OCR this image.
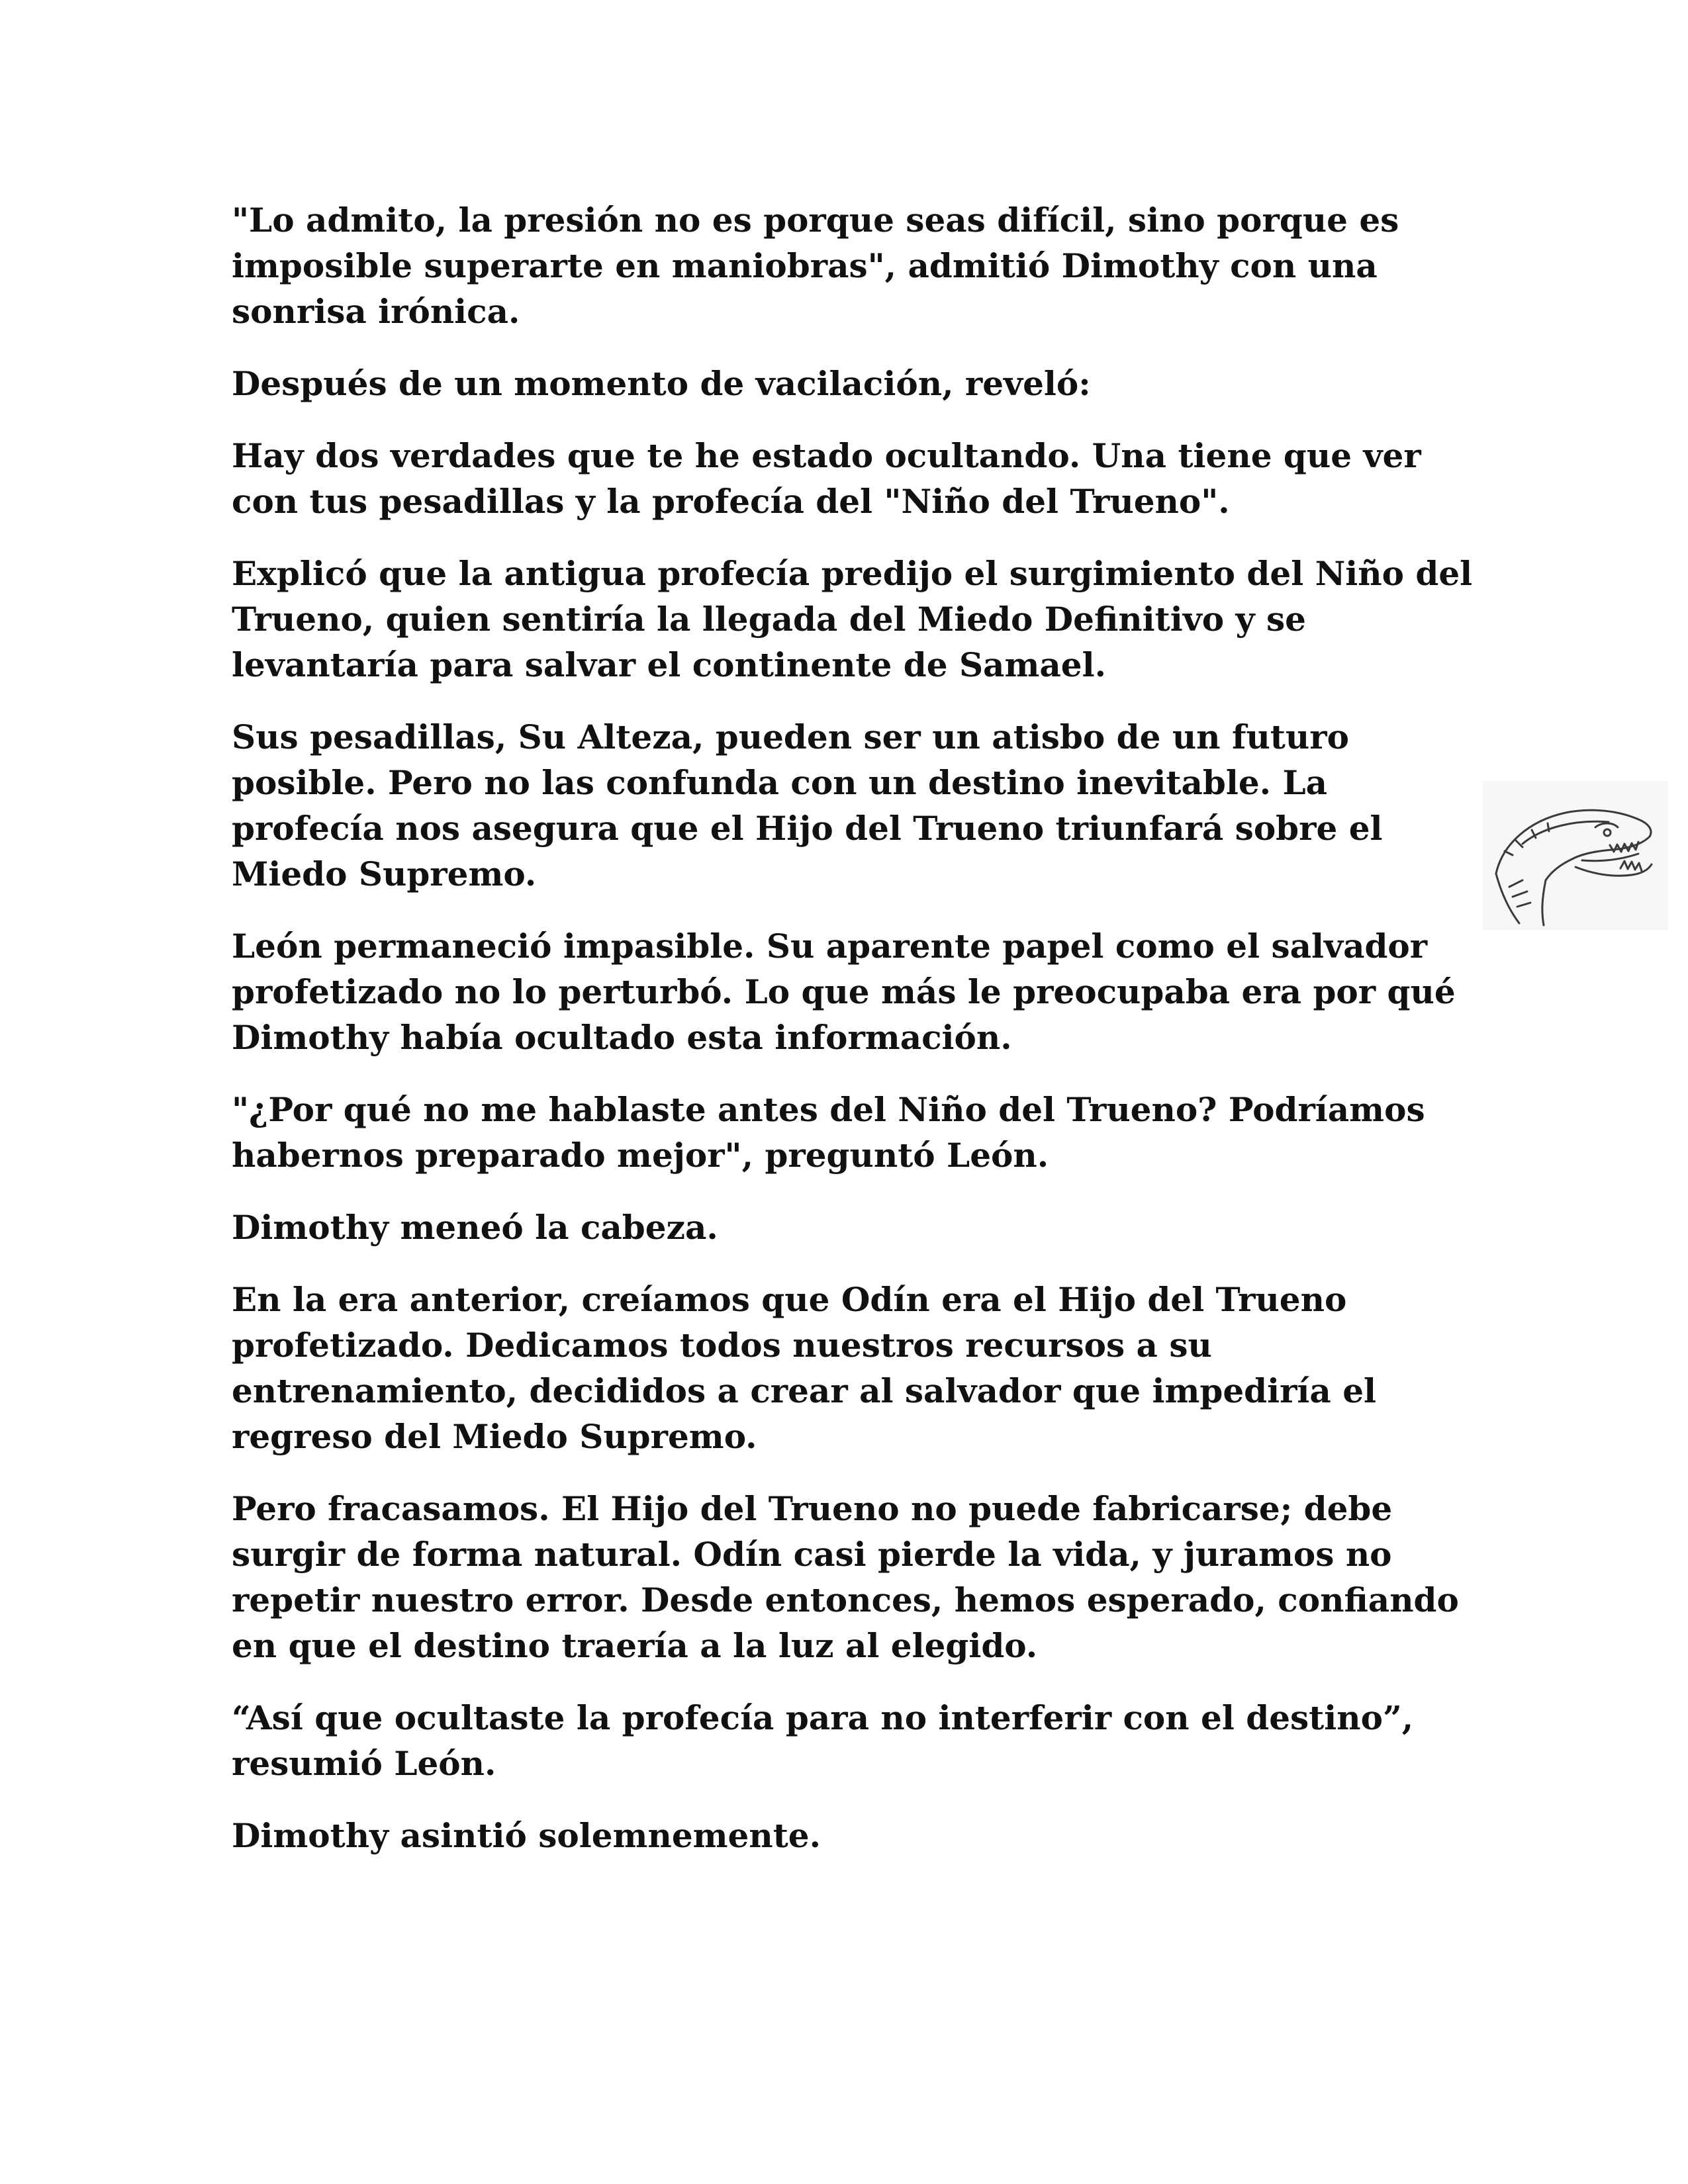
"Lo admito, la presión no es porque seas difícil, sino porque es imposible superarte en maniobras", admitió Dimothy con una sonrisa irónica.

Después de un momento de vacilación, reveló:

Hay dos verdades que te he estado ocultando. Una tiene que ver con tus pesadillas y la profecía del "Niño del Trueno".

Explicó que la antigua profecía predijo el surgimiento del Niño del Trueno, quien sentiría la llegada del Miedo Definitivo y se levantaría para salvar el continente de Samael.

Sus pesadillas, Su Alteza, pueden ser un atisbo de un futuro posible. Pero no las confunda con un destino inevitable. La profecía nos asegura que el Hijo del Trueno triunfará sobre el Miedo Supremo.

León permaneció impasible. Su aparente papel como el salvador profetizado no lo perturbó. Lo que más le preocupaba era por qué Dimothy había ocultado esta información.

"¿Por qué no me hablaste antes del Niño del Trueno? Podríamos habernos preparado mejor", preguntó León.

Dimothy meneó la cabeza.

En la era anterior, creíamos que Odín era el Hijo del Trueno profetizado. Dedicamos todos nuestros recursos a su entrenamiento, decididos a crear al salvador que impediría el regreso del Miedo Supremo.

Pero fracasamos. El Hijo del Trueno no puede fabricarse; debe surgir de forma natural. Odín casi pierde la vida, y juramos no repetir nuestro error. Desde entonces, hemos esperado, confiando en que el destino traería a la luz al elegido.

“Así que ocultaste la profecía para no interferir con el destino”, resumió León.

Dimothy asintió solemnemente.
